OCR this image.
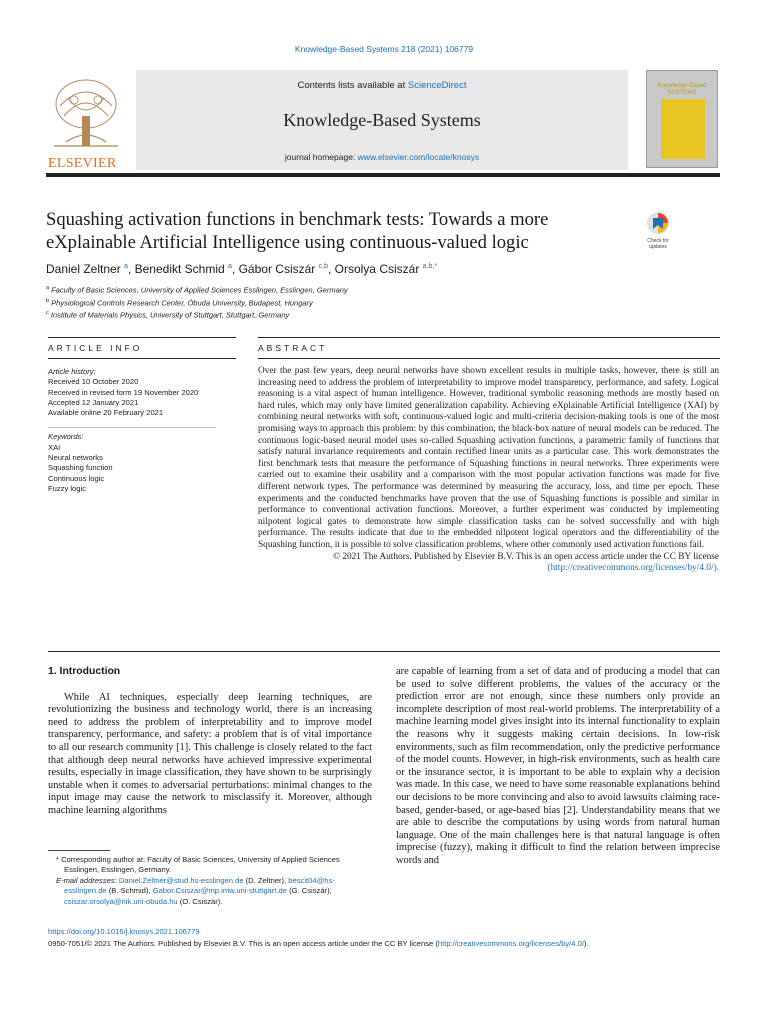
Knowledge-Based Systems 218 (2021) 106779
ELSEVIER
Contents lists available at ScienceDirect
Knowledge-Based Systems
journal homepage: www.elsevier.com/locate/knosys
Knowledge-Based SYSTEMS
Squashing activation functions in benchmark tests: Towards a more eXplainable Artificial Intelligence using continuous-valued logic	Check for
updates
Daniel Zeltner $^a$, Benedikt Schmid $^a$, Gábor Csiszár $^{c,b}$, Orsolya Csiszár $^{a,b,*}$
$^a$ Faculty of Basic Sciences, University of Applied Sciences Esslingen, Esslingen, Germany
$^b$ Physiological Controls Research Center, Óbuda University, Budapest, Hungary
$^c$ Institute of Materials Physics, University of Stuttgart, Stuttgart, Germany
ARTICLE INFO	ABSTRACT
Article history:
Received 10 October 2020
Received in revised form 19 November 2020
Accepted 12 January 2021
Available online 20 February 2021
Keywords:
XAI
Neural networks
Squashing function
Continuous logic
Fuzzy logic
Over the past few years, deep neural networks have shown excellent results in multiple tasks, however, there is still an increasing need to address the problem of interpretability to improve model transparency, performance, and safety. Logical reasoning is a vital aspect of human intelligence. However, traditional symbolic reasoning methods are mostly based on hard rules, which may only have limited generalization capability. Achieving eXplainable Artificial Intelligence (XAI) by combining neural networks with soft, continuous-valued logic and multi-criteria decision-making tools is one of the most promising ways to approach this problem: by this combination, the black-box nature of neural models can be reduced. The continuous logic-based neural model uses so-called Squashing activation functions, a parametric family of functions that satisfy natural invariance requirements and contain rectified linear units as a particular case. This work demonstrates the first benchmark tests that measure the performance of Squashing functions in neural networks. Three experiments were carried out to examine their usability and a comparison with the most popular activation functions was made for five different network types. The performance was determined by measuring the accuracy, loss, and time per epoch. These experiments and the conducted benchmarks have proven that the use of Squashing functions is possible and similar in performance to conventional activation functions. Moreover, a further experiment was conducted by implementing nilpotent logical gates to demonstrate how simple classification tasks can be solved successfully and with high performance. The results indicate that due to the embedded nilpotent logical operators and the differentiability of the Squashing function, it is possible to solve classification problems, where other commonly used activation functions fail.
© 2021 The Authors. Published by Elsevier B.V. This is an open access article under the CC BY license
(http://creativecommons.org/licenses/by/4.0/).
1. Introduction
While AI techniques, especially deep learning techniques, are revolutionizing the business and technology world, there is an increasing need to address the problem of interpretability and to improve model transparency, performance, and safety: a problem that is of vital importance to all our research community [1]. This challenge is closely related to the fact that although deep neural networks have achieved impressive experimental results, especially in image classification, they have shown to be surprisingly unstable when it comes to adversarial perturbations: minimal changes to the input image may cause the network to misclassify it. Moreover, although machine learning algorithms
are capable of learning from a set of data and of producing a model that can be used to solve different problems, the values of the accuracy or the prediction error are not enough, since these numbers only provide an incomplete description of most real-world problems. The interpretability of a machine learning model gives insight into its internal functionality to explain the reasons why it suggests making certain decisions. In low-risk environments, such as film recommendation, only the predictive performance of the model counts. However, in high-risk environments, such as health care or the insurance sector, it is important to be able to explain why a decision was made. In this case, we need to have some reasonable explanations behind our decisions to be more convincing and also to avoid lawsuits claiming race-based, gender-based, or age-based bias [2]. Understandability means that we are able to describe the computations by using words from natural human language. One of the main challenges here is that natural language is often imprecise (fuzzy), making it difficult to find the relation between imprecise words and
* Corresponding author at: Faculty of Basic Sciences, University of Applied Sciences Esslingen, Esslingen, Germany.
E-mail addresses: Daniel.Zeltner@stud.hs-esslingen.de (D. Zeltner), bescit04@hs-esslingen.de (B. Schmid), Gabor.Csiszar@mp.imw.uni-stuttgart.de (G. Csiszár), csiszar.orsolya@nik.uni-obuda.hu (O. Csiszár).
https://doi.org/10.1016/j.knosys.2021.106779
0950-7051/© 2021 The Authors. Published by Elsevier B.V. This is an open access article under the CC BY license (http://creativecommons.org/licenses/by/4.0/).
